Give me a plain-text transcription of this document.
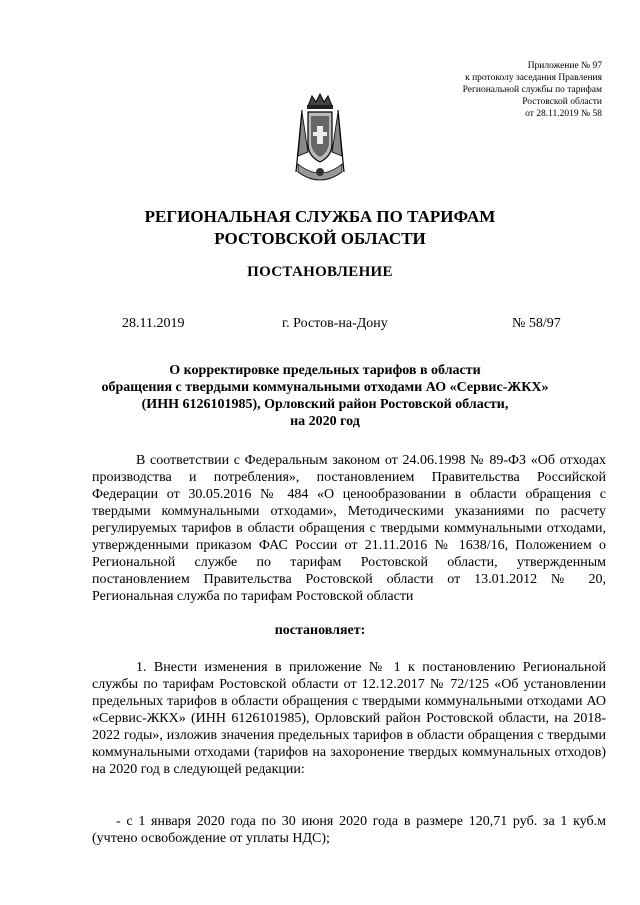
Приложение № 97
к протоколу заседания Правления
Региональной службы по тарифам
Ростовской области
от 28.11.2019 № 58
РЕГИОНАЛЬНАЯ СЛУЖБА ПО ТАРИФАМ
РОСТОВСКОЙ ОБЛАСТИ
ПОСТАНОВЛЕНИЕ
28.11.2019	г. Ростов-на-Дону	№ 58/97
О корректировке предельных тарифов в области
обращения с твердыми коммунальными отходами АО «Сервис-ЖКХ»
(ИНН 6126101985), Орловский район Ростовской области,
на 2020 год
В соответствии с Федеральным законом от 24.06.1998 № 89-ФЗ «Об отходах производства и потребления», постановлением Правительства Российской Федерации от 30.05.2016 № 484 «О ценообразовании в области обращения с твердыми коммунальными отходами», Методическими указаниями по расчету регулируемых тарифов в области обращения с твердыми коммунальными отходами, утвержденными приказом ФАС России от 21.11.2016 № 1638/16, Положением о Региональной службе по тарифам Ростовской области, утвержденным постановлением Правительства Ростовской области от 13.01.2012 № 20, Региональная служба по тарифам Ростовской области
постановляет:
1. Внести изменения в приложение № 1 к постановлению Региональной службы по тарифам Ростовской области от 12.12.2017 № 72/125 «Об установлении предельных тарифов в области обращения с твердыми коммунальными отходами АО «Сервис-ЖКХ» (ИНН 6126101985), Орловский район Ростовской области, на 2018-2022 годы», изложив значения предельных тарифов в области обращения с твердыми коммунальными отходами (тарифов на захоронение твердых коммунальных отходов) на 2020 год в следующей редакции:
- с 1 января 2020 года по 30 июня 2020 года в размере 120,71 руб. за 1 куб.м (учтено освобождение от уплаты НДС);
